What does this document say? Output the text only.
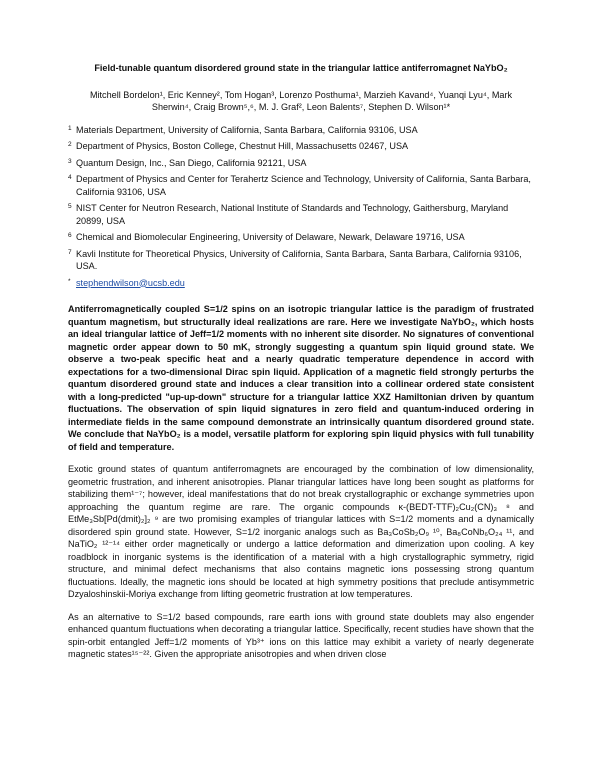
Field-tunable quantum disordered ground state in the triangular lattice antiferromagnet NaYbO₂
Mitchell Bordelon¹, Eric Kenney², Tom Hogan³, Lorenzo Posthuma¹, Marzieh Kavand⁴, Yuanqi Lyu⁴, Mark Sherwin⁴, Craig Brown⁵,⁶, M. J. Graf², Leon Balents⁷, Stephen D. Wilson¹*
1 Materials Department, University of California, Santa Barbara, California 93106, USA
2 Department of Physics, Boston College, Chestnut Hill, Massachusetts 02467, USA
3 Quantum Design, Inc., San Diego, California 92121, USA
4 Department of Physics and Center for Terahertz Science and Technology, University of California, Santa Barbara, California 93106, USA
5 NIST Center for Neutron Research, National Institute of Standards and Technology, Gaithersburg, Maryland 20899, USA
6 Chemical and Biomolecular Engineering, University of Delaware, Newark, Delaware 19716, USA
7 Kavli Institute for Theoretical Physics, University of California, Santa Barbara, Santa Barbara, California 93106, USA.
* stephendwilson@ucsb.edu
Antiferromagnetically coupled S=1/2 spins on an isotropic triangular lattice is the paradigm of frustrated quantum magnetism, but structurally ideal realizations are rare. Here we investigate NaYbO₂, which hosts an ideal triangular lattice of Jeff=1/2 moments with no inherent site disorder. No signatures of conventional magnetic order appear down to 50 mK, strongly suggesting a quantum spin liquid ground state. We observe a two-peak specific heat and a nearly quadratic temperature dependence in accord with expectations for a two-dimensional Dirac spin liquid. Application of a magnetic field strongly perturbs the quantum disordered ground state and induces a clear transition into a collinear ordered state consistent with a long-predicted "up-up-down" structure for a triangular lattice XXZ Hamiltonian driven by quantum fluctuations. The observation of spin liquid signatures in zero field and quantum-induced ordering in intermediate fields in the same compound demonstrate an intrinsically quantum disordered ground state. We conclude that NaYbO₂ is a model, versatile platform for exploring spin liquid physics with full tunability of field and temperature.
Exotic ground states of quantum antiferromagnets are encouraged by the combination of low dimensionality, geometric frustration, and inherent anisotropies. Planar triangular lattices have long been sought as platforms for stabilizing them¹⁻⁷; however, ideal manifestations that do not break crystallographic or exchange symmetries upon approaching the quantum regime are rare. The organic compounds κ-(BEDT-TTF)₂Cu₂(CN)₃ ⁸ and EtMe₃Sb[Pd(dmit)₂]₂ ⁹ are two promising examples of triangular lattices with S=1/2 moments and a dynamically disordered spin ground state. However, S=1/2 inorganic analogs such as Ba₃CoSb₂O₉ ¹⁰, Ba₈CoNb₆O₂₄ ¹¹, and NaTiO₂ ¹²⁻¹⁴ either order magnetically or undergo a lattice deformation and dimerization upon cooling. A key roadblock in inorganic systems is the identification of a material with a high crystallographic symmetry, rigid structure, and minimal defect mechanisms that also contains magnetic ions possessing strong quantum fluctuations. Ideally, the magnetic ions should be located at high symmetry positions that preclude antisymmetric Dzyaloshinskii-Moriya exchange from lifting geometric frustration at low temperatures.
As an alternative to S=1/2 based compounds, rare earth ions with ground state doublets may also engender enhanced quantum fluctuations when decorating a triangular lattice. Specifically, recent studies have shown that the spin-orbit entangled Jeff=1/2 moments of Yb³⁺ ions on this lattice may exhibit a variety of nearly degenerate magnetic states¹⁵⁻²². Given the appropriate anisotropies and when driven close
